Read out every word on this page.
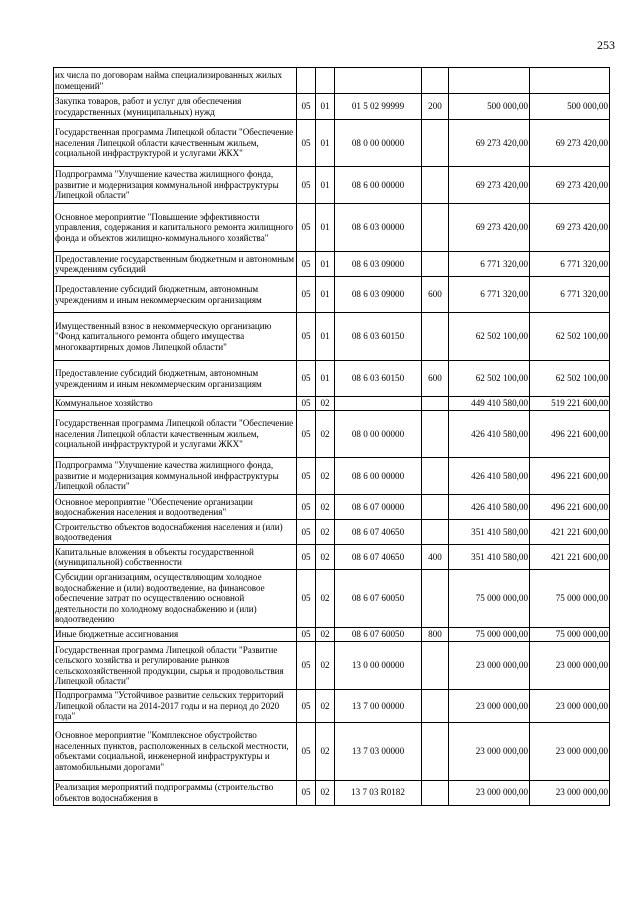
253
их числа по договорам найма специализированных жилых помещений"						
Закупка товаров, работ и услуг для обеспечения государственных (муниципальных) нужд	05	01	01 5 02 99999	200	500 000,00	500 000,00
Государственная программа Липецкой области "Обеспечение населения Липецкой области качественным жильем, социальной инфраструктурой и услугами ЖКХ"	05	01	08 0 00 00000		69 273 420,00	69 273 420,00
Подпрограмма "Улучшение качества жилищного фонда, развитие и модернизация коммунальной инфраструктуры Липецкой области"	05	01	08 6 00 00000		69 273 420,00	69 273 420,00
Основное мероприятие "Повышение эффективности управления, содержания и капитального ремонта жилищного фонда и объектов жилищно-коммунального хозяйства"	05	01	08 6 03 00000		69 273 420,00	69 273 420,00
Предоставление государственным бюджетным и автономным учреждениям субсидий	05	01	08 6 03 09000		6 771 320,00	6 771 320,00
Предоставление субсидий бюджетным, автономным учреждениям и иным некоммерческим организациям	05	01	08 6 03 09000	600	6 771 320,00	6 771 320,00
Имущественный взнос в некоммерческую организацию "Фонд капитального ремонта общего имущества многоквартирных домов Липецкой области"	05	01	08 6 03 60150		62 502 100,00	62 502 100,00
Предоставление субсидий бюджетным, автономным учреждениям и иным некоммерческим организациям	05	01	08 6 03 60150	600	62 502 100,00	62 502 100,00
Коммунальное хозяйство	05	02			449 410 580,00	519 221 600,00
Государственная программа Липецкой области "Обеспечение населения Липецкой области качественным жильем, социальной инфраструктурой и услугами ЖКХ"	05	02	08 0 00 00000		426 410 580,00	496 221 600,00
Подпрограмма "Улучшение качества жилищного фонда, развитие и модернизация коммунальной инфраструктуры Липецкой области"	05	02	08 6 00 00000		426 410 580,00	496 221 600,00
Основное мероприятие "Обеспечение организации водоснабжения населения и водоотведения"	05	02	08 6 07 00000		426 410 580,00	496 221 600,00
Строительство объектов водоснабжения населения и (или) водоотведения	05	02	08 6 07 40650		351 410 580,00	421 221 600,00
Капитальные вложения в объекты государственной (муниципальной) собственности	05	02	08 6 07 40650	400	351 410 580,00	421 221 600,00
Субсидии организациям, осуществляющим холодное водоснабжение и (или) водоотведение, на финансовое обеспечение затрат по осуществлению основной деятельности по холодному водоснабжению и (или) водоотведению	05	02	08 6 07 60050		75 000 000,00	75 000 000,00
Иные бюджетные ассигнования	05	02	08 6 07 60050	800	75 000 000,00	75 000 000,00
Государственная программа Липецкой области "Развитие сельского хозяйства и регулирование рынков сельскохозяйственной продукции, сырья и продовольствия Липецкой области"	05	02	13 0 00 00000		23 000 000,00	23 000 000,00
Подпрограмма "Устойчивое развитие сельских территорий Липецкой области на 2014-2017 годы и на период до 2020 года"	05	02	13 7 00 00000		23 000 000,00	23 000 000,00
Основное мероприятие "Комплексное обустройство населенных пунктов, расположенных в сельской местности, объектами социальной, инженерной инфраструктуры и автомобильными дорогами"	05	02	13 7 03 00000		23 000 000,00	23 000 000,00
Реализация мероприятий подпрограммы (строительство объектов водоснабжения в	05	02	13 7 03 R0182		23 000 000,00	23 000 000,00
